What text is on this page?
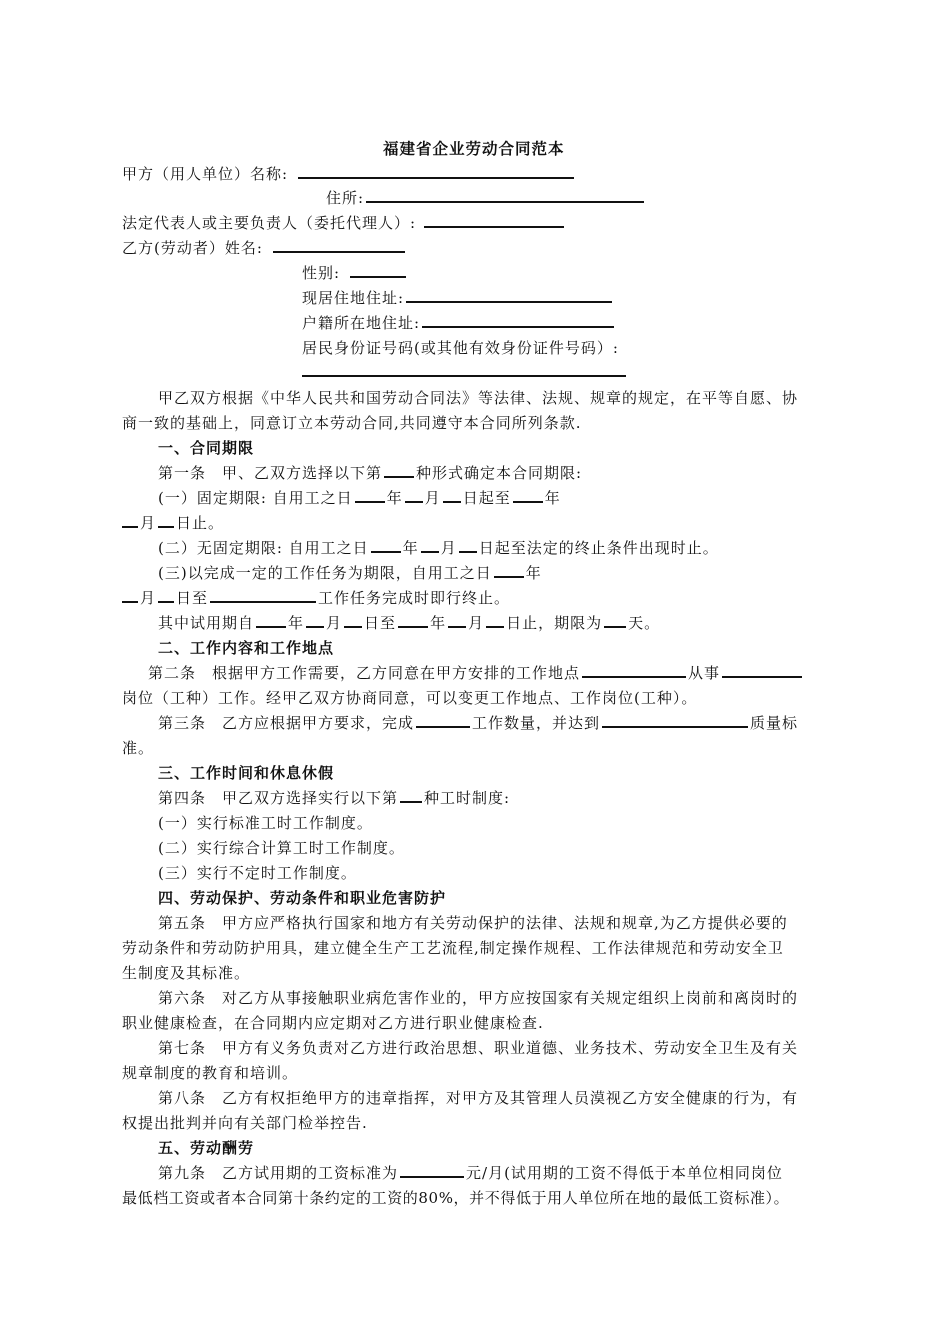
福建省企业劳动合同范本
甲方（用人单位）名称:
住所:
法定代表人或主要负责人（委托代理人）:
乙方(劳动者）姓名:
性别:
现居住地住址:
户籍所在地住址:
居民身份证号码(或其他有效身份证件号码）:
甲乙双方根据《中华人民共和国劳动合同法》等法律、法规、规章的规定，在平等自愿、协
商一致的基础上，同意订立本劳动合同,共同遵守本合同所列条款.
一、合同期限
第一条　甲、乙双方选择以下第 种形式确定本合同期限:
(一）固定期限: 自用工之日 年 月 日起至 年
月 日止。
(二）无固定期限: 自用工之日 年 月 日起至法定的终止条件出现时止。
(三)以完成一定的工作任务为期限，自用工之日 年
月 日至	工作任务完成时即行终止。
其中试用期自 年 月 日至 年 月 日止，期限为 天。
二、工作内容和工作地点
第二条　根据甲方工作需要，乙方同意在甲方安排的工作地点	从事
岗位（工种）工作。经甲乙双方协商同意，可以变更工作地点、工作岗位(工种）。
第三条　乙方应根据甲方要求，完成	工作数量，并达到	质量标
准。
三、工作时间和休息休假
第四条　甲乙双方选择实行以下第 种工时制度:
(一）实行标准工时工作制度。
(二）实行综合计算工时工作制度。
(三）实行不定时工作制度。
四、劳动保护、劳动条件和职业危害防护
第五条　甲方应严格执行国家和地方有关劳动保护的法律、法规和规章,为乙方提供必要的
劳动条件和劳动防护用具，建立健全生产工艺流程,制定操作规程、工作法律规范和劳动安全卫
生制度及其标准。
第六条　对乙方从事接触职业病危害作业的，甲方应按国家有关规定组织上岗前和离岗时的
职业健康检查，在合同期内应定期对乙方进行职业健康检查.
第七条　甲方有义务负责对乙方进行政治思想、职业道德、业务技术、劳动安全卫生及有关
规章制度的教育和培训。
第八条　乙方有权拒绝甲方的违章指挥，对甲方及其管理人员漠视乙方安全健康的行为，有
权提出批判并向有关部门检举控告.
五、劳动酬劳
第九条　乙方试用期的工资标准为	元/月(试用期的工资不得低于本单位相同岗位
最低档工资或者本合同第十条约定的工资的80%，并不得低于用人单位所在地的最低工资标准）。
